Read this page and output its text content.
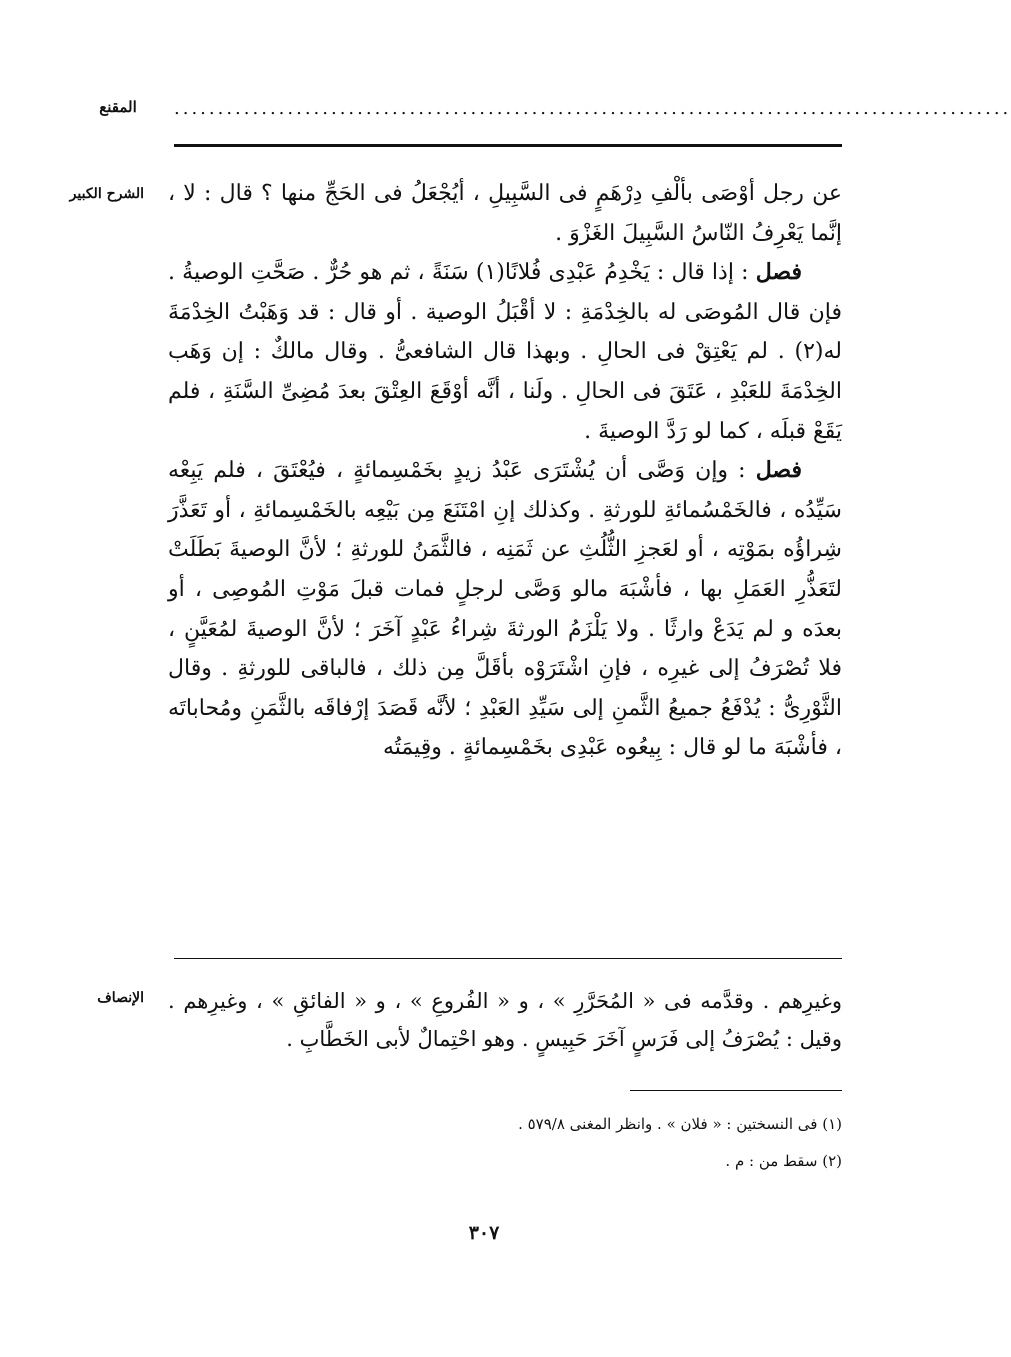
المقنع	................................................................................................
الشرح الكبير عن رجل أوْصَى بألْفِ دِرْهَمٍ فى السَّبِيلِ ، أيُجْعَلُ فى الحَجِّ منها ؟ قال : لا ، إنَّما يَعْرِفُ النّاسُ السَّبِيلَ الغَزْوَ .

فصل : إذا قال : يَخْدِمُ عَبْدِى فُلانًا(١) سَنَةً ، ثم هو حُرٌّ . صَحَّتِ الوصيةُ . فإن قال المُوصَى له بالخِدْمَةِ : لا أقْبَلُ الوصية . أو قال : قد وَهَبْتُ الخِدْمَةَ له(٢) . لم يَعْتِقْ فى الحالِ . وبهذا قال الشافعىُّ . وقال مالكٌ : إن وَهَب الخِدْمَةَ للعَبْدِ ، عَتَقَ فى الحالِ . ولَنا ، أنَّه أوْقَعَ العِتْقَ بعدَ مُضِىِّ السَّنَةِ ، فلم يَقَعْ قبلَه ، كما لو رَدَّ الوصيةَ .

فصل : وإن وَصَّى أن يُشْتَرَى عَبْدُ زيدٍ بخَمْسِمائةٍ ، فيُعْتَقَ ، فلم يَبِعْه سَيِّدُه ، فالخَمْسُمائةِ للورثةِ . وكذلك إنِ امْتَنَعَ مِن بَيْعِه بالخَمْسِمائةِ ، أو تَعَذَّرَ شِراؤُه بمَوْتِه ، أو لعَجزِ الثُّلُثِ عن ثَمَنِه ، فالثَّمَنُ للورثةِ ؛ لأنَّ الوصيةَ بَطَلَتْ لتَعَذُّرِ العَمَلِ بها ، فأشْبَهَ مالو وَصَّى لرجلٍ فمات قبلَ مَوْتِ المُوصِى ، أو بعدَه و لم يَدَعْ وارثًا . ولا يَلْزَمُ الورثةَ شِراءُ عَبْدٍ آخَرَ ؛ لأنَّ الوصيةَ لمُعَيَّنٍ ، فلا تُصْرَفُ إلى غيرِه ، فإنِ اشْتَرَوْه بأقَلَّ مِن ذلك ، فالباقى للورثةِ . وقال الثَّوْرِىُّ : يُدْفَعُ جميعُ الثَّمنِ إلى سَيِّدِ العَبْدِ ؛ لأنَّه قَصَدَ إرْفاقَه بالثَّمَنِ ومُحاباتَه ، فأشْبَهَ ما لو قال : بِيعُوه عَبْدِى بخَمْسِمائةٍ . وقِيمَتُه

الإنصاف وغيرِهم . وقدَّمه فى « المُحَرَّرِ » ، و « الفُروعِ » ، و « الفائقِ » ، وغيرِهم . وقيل : يُصْرَفُ إلى فَرَسٍ آخَرَ حَبِيسٍ . وهو احْتِمالٌ لأبى الخَطَّابِ .

(١) فى النسختين : « فلان » . وانظر المغنى ٥٧٩/٨ .

(٢) سقط من : م .

٣٠٧
